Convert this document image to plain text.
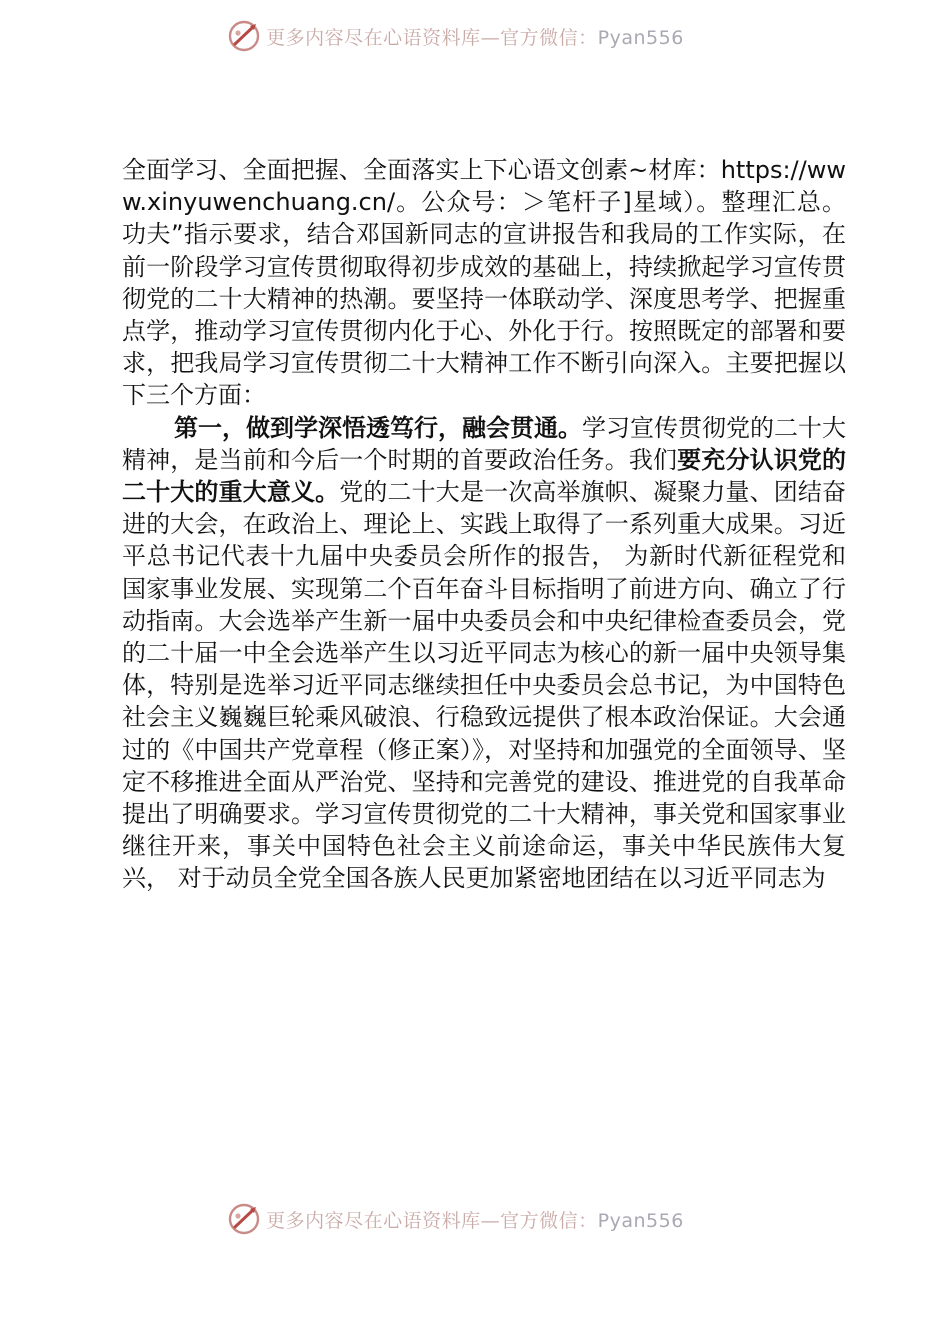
更多内容尽在心语资料库—官方微信：Pyan556

全面学习、全面把握、全面落实上下心语文创素~材库：https://www.xinyuwenchuang.cn/。公众号：＞笔杆子]星域）。整理汇总。功夫”指示要求，结合邓国新同志的宣讲报告和我局的工作实际，在前一阶段学习宣传贯彻取得初步成效的基础上，持续掀起学习宣传贯彻党的二十大精神的热潮。要坚持一体联动学、深度思考学、把握重点学，推动学习宣传贯彻内化于心、外化于行。按照既定的部署和要求，把我局学习宣传贯彻二十大精神工作不断引向深入。主要把握以下三个方面：

第一，做到学深悟透笃行，融会贯通。学习宣传贯彻党的二十大精神，是当前和今后一个时期的首要政治任务。我们要充分认识党的二十大的重大意义。党的二十大是一次高举旗帜、凝聚力量、团结奋进的大会，在政治上、理论上、实践上取得了一系列重大成果。习近平总书记代表十九届中央委员会所作的报告， 为新时代新征程党和国家事业发展、实现第二个百年奋斗目标指明了前进方向、确立了行动指南。大会选举产生新一届中央委员会和中央纪律检查委员会，党的二十届一中全会选举产生以习近平同志为核心的新一届中央领导集体，特别是选举习近平同志继续担任中央委员会总书记，为中国特色社会主义巍巍巨轮乘风破浪、行稳致远提供了根本政治保证。大会通过的《中国共产党章程（修正案）》，对坚持和加强党的全面领导、坚定不移推进全面从严治党、坚持和完善党的建设、推进党的自我革命提出了明确要求。学习宣传贯彻党的二十大精神，事关党和国家事业继往开来，事关中国特色社会主义前途命运，事关中华民族伟大复兴， 对于动员全党全国各族人民更加紧密地团结在以习近平同志为

更多内容尽在心语资料库—官方微信：Pyan556
